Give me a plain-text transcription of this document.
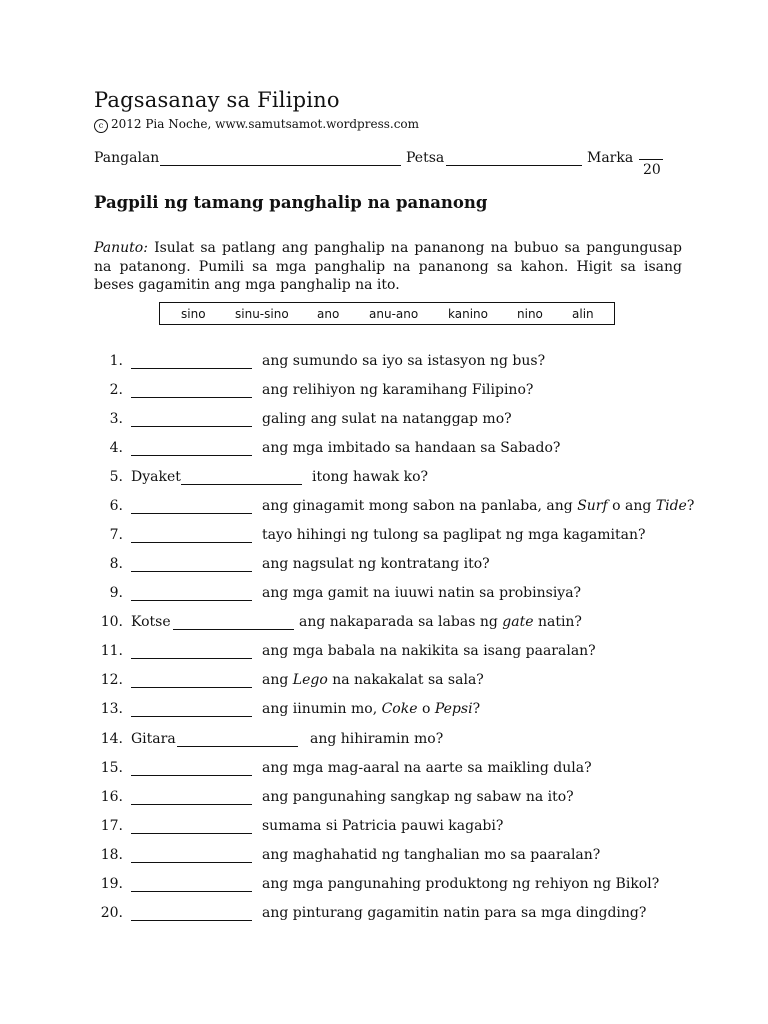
Pagsasanay sa Filipino
c 2012 Pia Noche, www.samutsamot.wordpress.com
Pangalan	Petsa	Marka
20
Pagpili ng tamang panghalip na pananong
Panuto: Isulat sa patlang ang panghalip na pananong na bubuo sa pangungusap na patanong. Pumili sa mga panghalip na pananong sa kahon. Higit sa isang beses gagamitin ang mga panghalip na ito.
sino sinu-sino ano anu-ano kanino nino alin
1.	ang sumundo sa iyo sa istasyon ng bus?
2.	ang relihiyon ng karamihang Filipino?
3.	galing ang sulat na natanggap mo?
4.	ang mga imbitado sa handaan sa Sabado?
5. Dyaket	itong hawak ko?
6.	ang ginagamit mong sabon na panlaba, ang Surf o ang Tide?
7.	tayo hihingi ng tulong sa paglipat ng mga kagamitan?
8.	ang nagsulat ng kontratang ito?
9.	ang mga gamit na iuuwi natin sa probinsiya?
10. Kotse	ang nakaparada sa labas ng gate natin?
11.	ang mga babala na nakikita sa isang paaralan?
12.	ang Lego na nakakalat sa sala?
13.	ang iinumin mo, Coke o Pepsi?
14. Gitara	ang hihiramin mo?
15.	ang mga mag-aaral na aarte sa maikling dula?
16.	ang pangunahing sangkap ng sabaw na ito?
17.	sumama si Patricia pauwi kagabi?
18.	ang maghahatid ng tanghalian mo sa paaralan?
19.	ang mga pangunahing produktong ng rehiyon ng Bikol?
20.	ang pinturang gagamitin natin para sa mga dingding?
